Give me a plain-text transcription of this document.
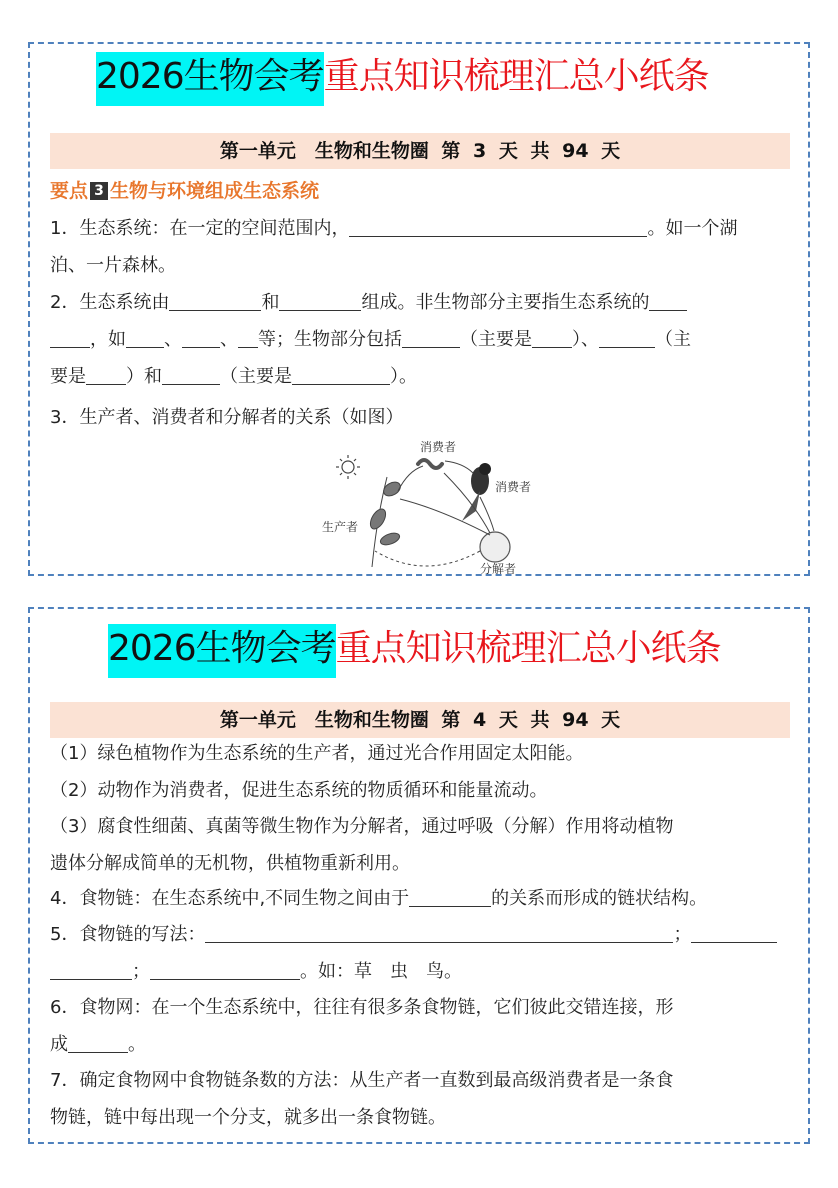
2026生物会考重点知识梳理汇总小纸条
第一单元　生物和生物圈 第 3 天 共 94 天
要点 3 生物与环境组成生态系统
1．生态系统：在一定的空间范围内，	。如一个湖
泊、一片森林。
2．生态系统由	和	组成。非生物部分主要指生态系统的
，如 、 、 等；生物部分包括	（主要是 ）、	（主
要是 ）和	（主要是	）。
3．生产者、消费者和分解者的关系（如图）
消费者
消费者
生产者
分解者
2026生物会考重点知识梳理汇总小纸条
第一单元　生物和生物圈 第 4 天 共 94 天
（1）绿色植物作为生态系统的生产者，通过光合作用固定太阳能。
（2）动物作为消费者，促进生态系统的物质循环和能量流动。
（3）腐食性细菌、真菌等微生物作为分解者，通过呼吸（分解）作用将动植物
遗体分解成简单的无机物，供植物重新利用。
4．食物链：在生态系统中,不同生物之间由于	的关系而形成的链状结构。
5．食物链的写法：	；
；	。如：草　虫　鸟。
6．食物网：在一个生态系统中，往往有很多条食物链，它们彼此交错连接，形
成	。
7．确定食物网中食物链条数的方法：从生产者一直数到最高级消费者是一条食
物链，链中每出现一个分支，就多出一条食物链。
